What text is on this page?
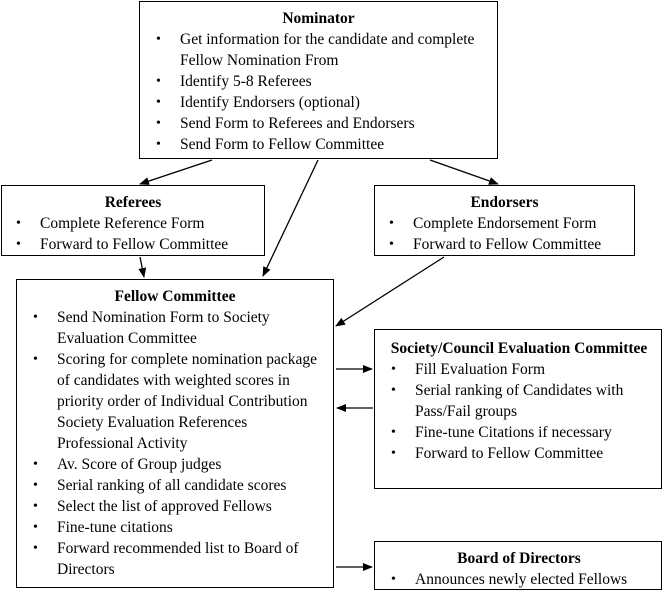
Nominator
• Get information for the candidate and complete Fellow Nomination From
• Identify 5-8 Referees
• Identify Endorsers (optional)
• Send Form to Referees and Endorsers
• Send Form to Fellow Committee
Referees
• Complete Reference Form
• Forward to Fellow Committee
Endorsers
• Complete Endorsement Form
• Forward to Fellow Committee
Fellow Committee
• Send Nomination Form to Society Evaluation Committee
• Scoring for complete nomination package of candidates with weighted scores in priority order of Individual Contribution Society Evaluation References Professional Activity
• Av. Score of Group judges
• Serial ranking of all candidate scores
• Select the list of approved Fellows
• Fine-tune citations
• Forward recommended list to Board of Directors
Society/Council Evaluation Committee
• Fill Evaluation Form
• Serial ranking of Candidates with Pass/Fail groups
• Fine-tune Citations if necessary
• Forward to Fellow Committee
Board of Directors
• Announces newly elected Fellows
